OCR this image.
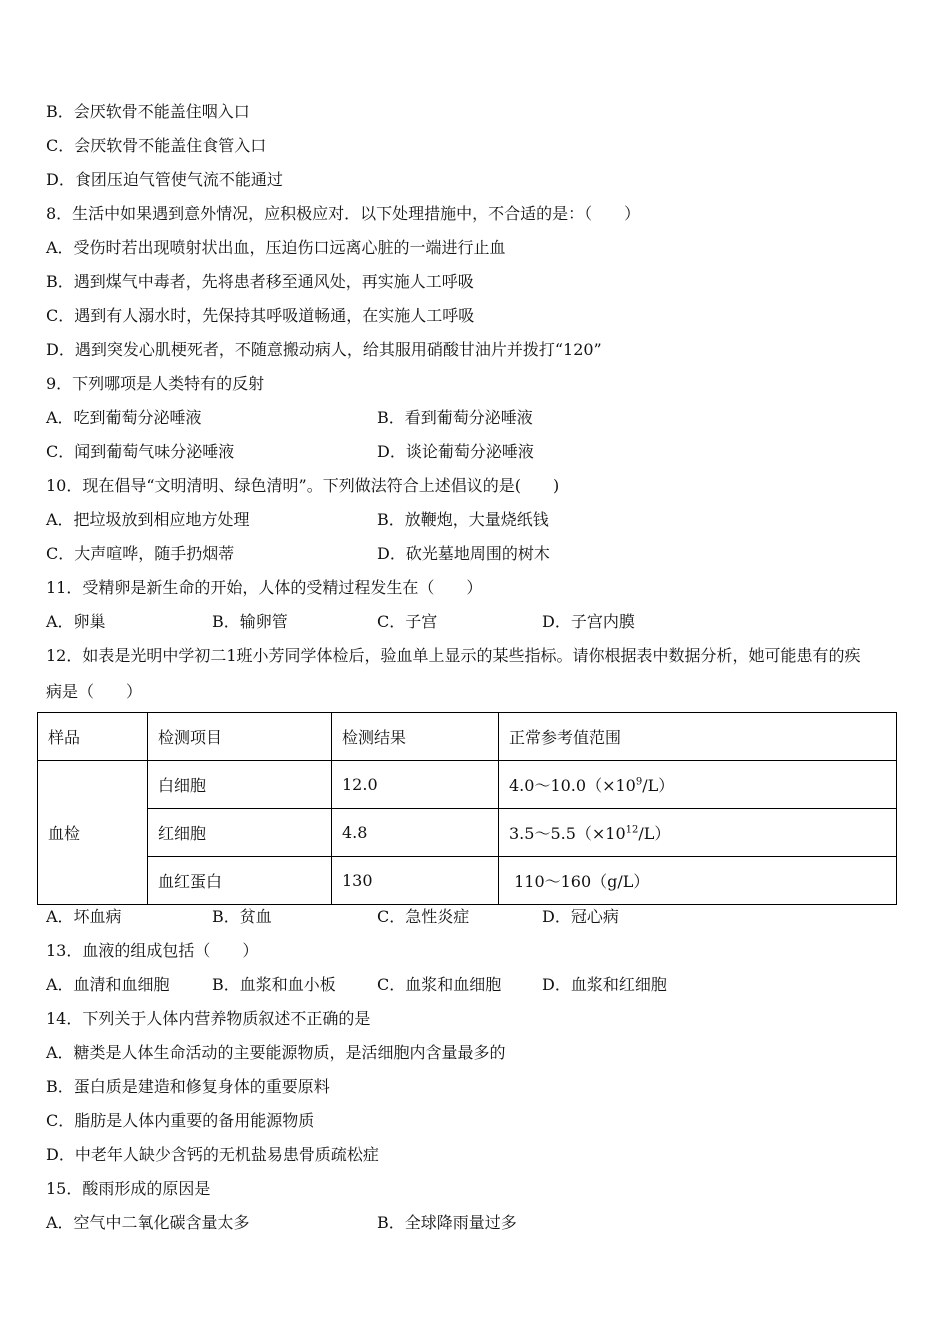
B．会厌软骨不能盖住咽入口
C．会厌软骨不能盖住食管入口
D．食团压迫气管使气流不能通过
8．生活中如果遇到意外情况，应积极应对．以下处理措施中，不合适的是：（　　）
A．受伤时若出现喷射状出血，压迫伤口远离心脏的一端进行止血
B．遇到煤气中毒者，先将患者移至通风处，再实施人工呼吸
C．遇到有人溺水时，先保持其呼吸道畅通，在实施人工呼吸
D．遇到突发心肌梗死者，不随意搬动病人，给其服用硝酸甘油片并拨打“120”
9．下列哪项是人类特有的反射
A．吃到葡萄分泌唾液	B．看到葡萄分泌唾液
C．闻到葡萄气味分泌唾液	D．谈论葡萄分泌唾液
10．现在倡导“文明清明、绿色清明”。下列做法符合上述倡议的是(　　)
A．把垃圾放到相应地方处理	B．放鞭炮，大量烧纸钱
C．大声喧哗，随手扔烟蒂	D．砍光墓地周围的树木
11．受精卵是新生命的开始，人体的受精过程发生在（　　）
A．卵巢	B．输卵管	C．子宫	D．子宫内膜
12．如表是光明中学初二1班小芳同学体检后，验血单上显示的某些指标。请你根据表中数据分析，她可能患有的疾
病是（　　）
样品	检测项目	检测结果	正常参考值范围
血检	白细胞	12.0	$4.0\sim 10.0(\times 10^9/L)$
	红细胞	4.8	$3.5\sim 5.5(\times 10^{12}/L)$
	血红蛋白	130	110～160（g/L）
A．坏血病	B．贫血	C．急性炎症	D．冠心病
13．血液的组成包括（　　）
A．血清和血细胞	B．血浆和血小板	C．血浆和血细胞	D．血浆和红细胞
14．下列关于人体内营养物质叙述不正确的是
A．糖类是人体生命活动的主要能源物质，是活细胞内含量最多的
B．蛋白质是建造和修复身体的重要原料
C．脂肪是人体内重要的备用能源物质
D．中老年人缺少含钙的无机盐易患骨质疏松症
15．酸雨形成的原因是
A．空气中二氧化碳含量太多	B．全球降雨量过多
